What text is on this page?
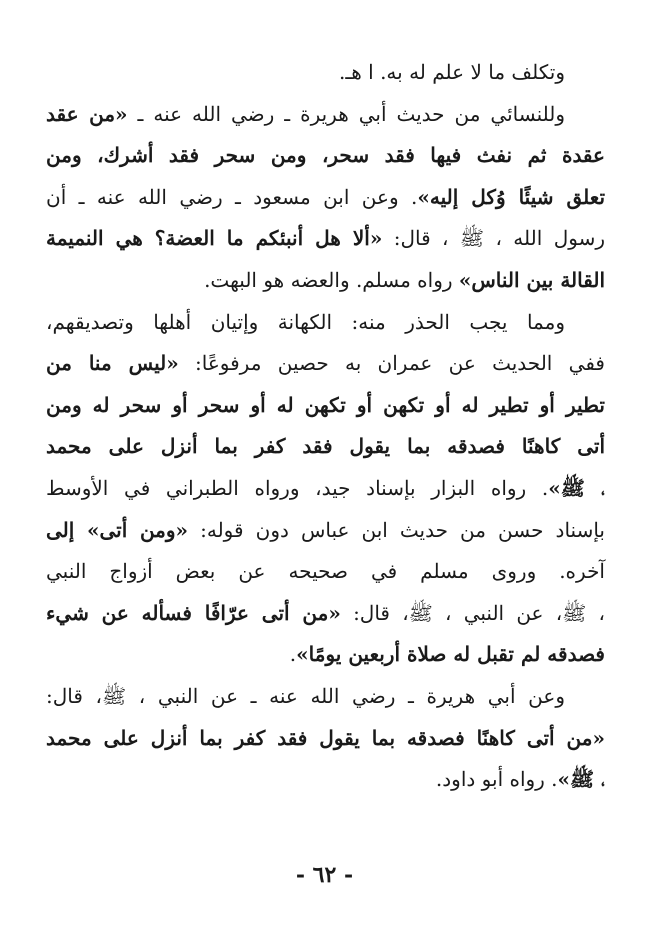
وتكلف ما لا علم له به. ا هـ.
وللنسائي من حديث أبي هريرة ـ رضي الله عنه ـ «من عقد
عقدة ثم نفث فيها فقد سحر، ومن سحر فقد أشرك، ومن
تعلق شيئًا وُكل إليه». وعن ابن مسعود ـ رضي الله عنه ـ أن
رسول الله ، ﷺ ، قال: «ألا هل أنبئكم ما العضة؟ هي النميمة
القالة بين الناس» رواه مسلم. والعضه هو البهت.
ومما يجب الحذر منه: الكهانة وإتيان أهلها وتصديقهم،
ففي الحديث عن عمران به حصين مرفوعًا: «ليس منا من
تطير أو تطير له أو تكهن أو تكهن له أو سحر أو سحر له ومن
أتى كاهنًا فصدقه بما يقول فقد كفر بما أنزل على محمد
، ﷺ». رواه البزار بإسناد جيد، ورواه الطبراني في الأوسط
بإسناد حسن من حديث ابن عباس دون قوله: «ومن أتى» إلى
آخره. وروى مسلم في صحيحه عن بعض أزواج النبي
، ﷺ، عن النبي ، ﷺ، قال: «من أتى عرّافًا فسأله عن شيء
فصدقه لم تقبل له صلاة أربعين يومًا».
وعن أبي هريرة ـ رضي الله عنه ـ عن النبي ، ﷺ، قال:
«من أتى كاهنًا فصدقه بما يقول فقد كفر بما أنزل على محمد
، ﷺ». رواه أبو داود.
- ٦٢ -
